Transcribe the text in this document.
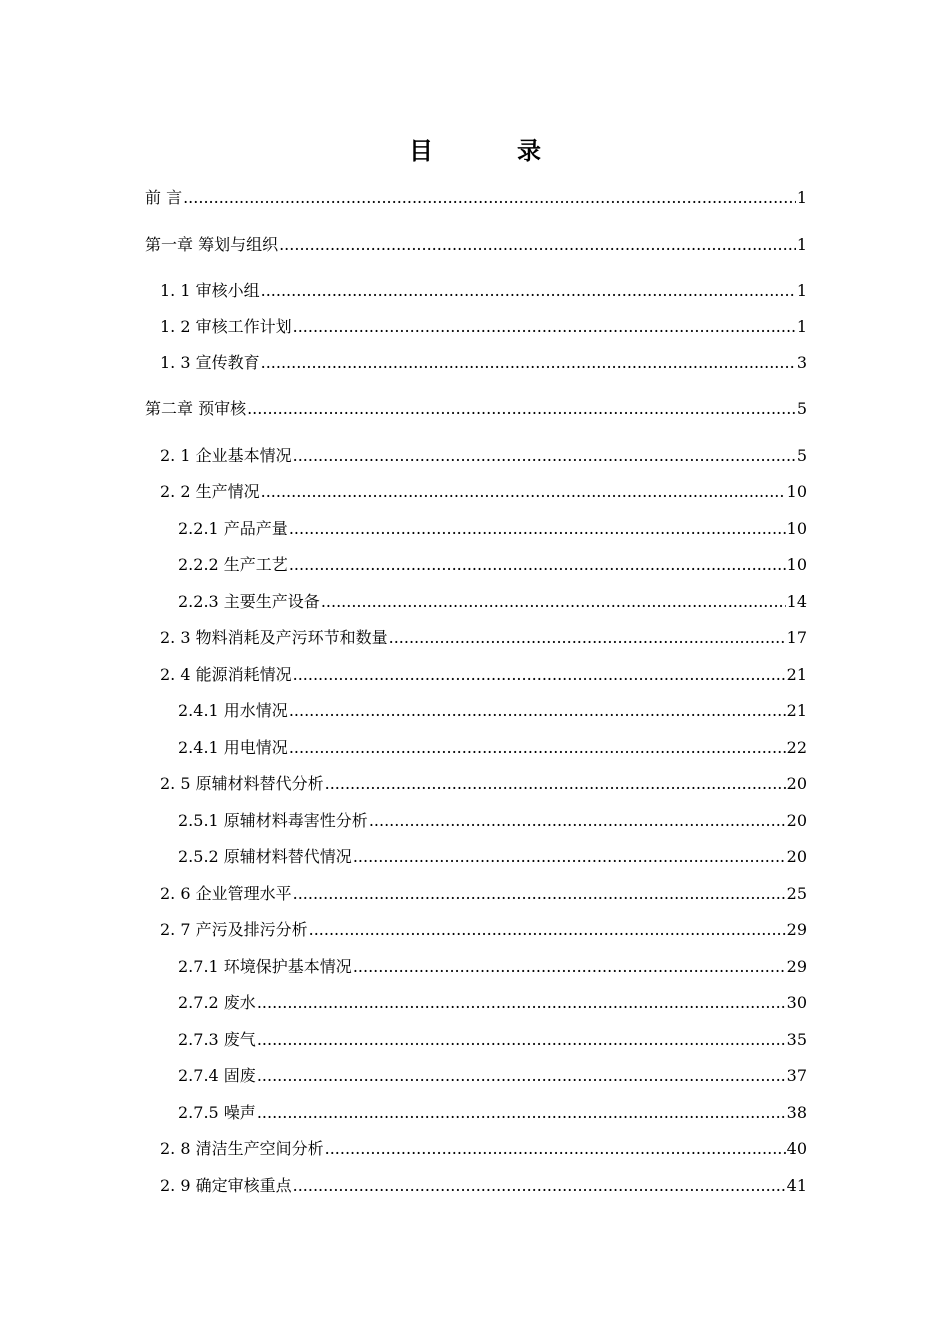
目　录
前 言 .....	1
第一章 筹划与组织 .....	1
1. 1 审核小组 .....	1
1. 2 审核工作计划 .....	1
1. 3 宣传教育 .....	3
第二章 预审核 .....	5
2. 1 企业基本情况 .....	5
2. 2 生产情况 .....	10
2.2.1 产品产量 .....	10
2.2.2 生产工艺 .....	10
2.2.3 主要生产设备 .....	14
2. 3 物料消耗及产污环节和数量 .....	17
2. 4 能源消耗情况 .....	21
2.4.1 用水情况 .....	21
2.4.1 用电情况 .....	22
2. 5 原辅材料替代分析 .....	20
2.5.1 原辅材料毒害性分析 .....	20
2.5.2 原辅材料替代情况 .....	20
2. 6 企业管理水平 .....	25
2. 7 产污及排污分析 .....	29
2.7.1 环境保护基本情况 .....	29
2.7.2 废水 .....	30
2.7.3 废气 .....	35
2.7.4 固废 .....	37
2.7.5 噪声 .....	38
2. 8 清洁生产空间分析 .....	40
2. 9 确定审核重点 .....	41
